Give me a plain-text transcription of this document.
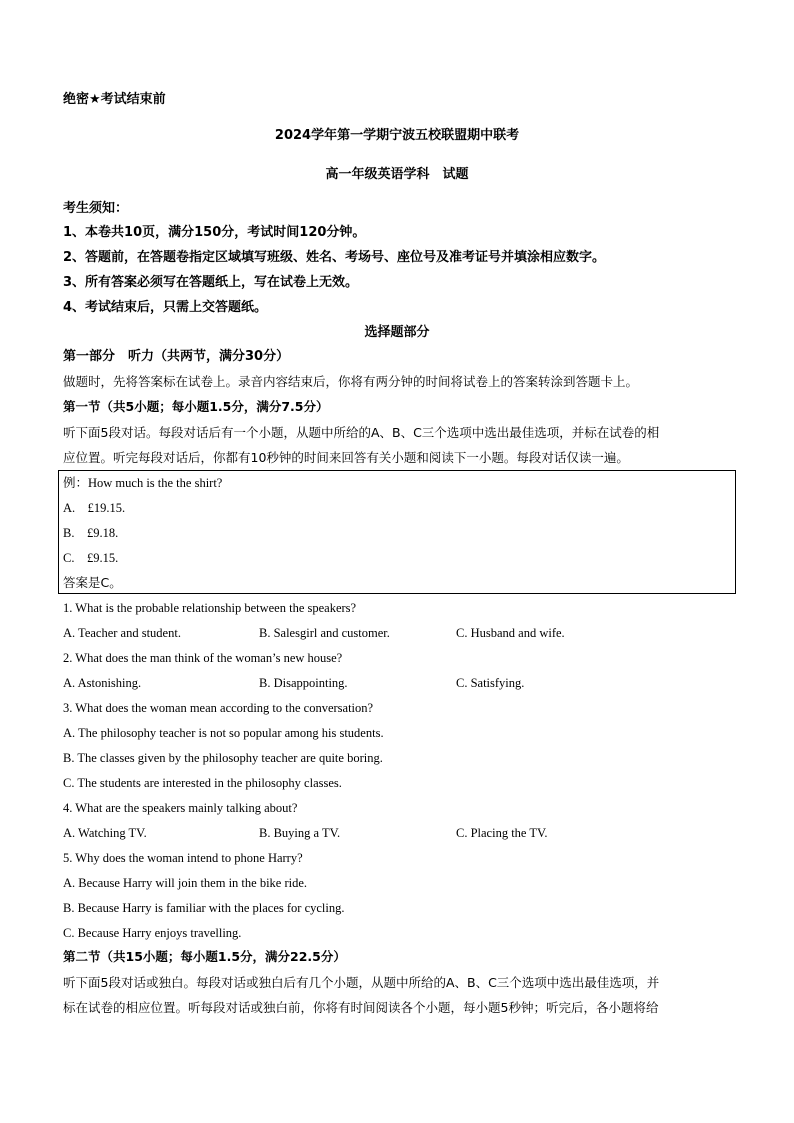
绝密★考试结束前
2024学年第一学期宁波五校联盟期中联考
高一年级英语学科　试题
考生须知：
1、本卷共10页，满分150分，考试时间120分钟。
2、答题前，在答题卷指定区域填写班级、姓名、考场号、座位号及准考证号并填涂相应数字。
3、所有答案必须写在答题纸上，写在试卷上无效。
4、考试结束后，只需上交答题纸。
选择题部分
第一部分　听力（共两节，满分30分）
做题时，先将答案标在试卷上。录音内容结束后，你将有两分钟的时间将试卷上的答案转涂到答题卡上。
第一节（共5小题；每小题1.5分，满分7.5分）
听下面5段对话。每段对话后有一个小题，从题中所给的A、B、C三个选项中选出最佳选项，并标在试卷的相
应位置。听完每段对话后，你都有10秒钟的时间来回答有关小题和阅读下一小题。每段对话仅读一遍。
例：How much is the the shirt?
A.　£19.15.
B.　£9.18.
C.　£9.15.
答案是C。
1. What is the probable relationship between the speakers?
A. Teacher and student.	B. Salesgirl and customer.	C. Husband and wife.
2. What does the man think of the woman’s new house?
A. Astonishing.	B. Disappointing.	C. Satisfying.
3. What does the woman mean according to the conversation?
A. The philosophy teacher is not so popular among his students.
B. The classes given by the philosophy teacher are quite boring.
C. The students are interested in the philosophy classes.
4. What are the speakers mainly talking about?
A. Watching TV.	B. Buying a TV.	C. Placing the TV.
5. Why does the woman intend to phone Harry?
A. Because Harry will join them in the bike ride.
B. Because Harry is familiar with the places for cycling.
C. Because Harry enjoys travelling.
第二节（共15小题；每小题1.5分，满分22.5分）
听下面5段对话或独白。每段对话或独白后有几个小题，从题中所给的A、B、C三个选项中选出最佳选项，并
标在试卷的相应位置。听每段对话或独白前，你将有时间阅读各个小题，每小题5秒钟；听完后，各小题将给
